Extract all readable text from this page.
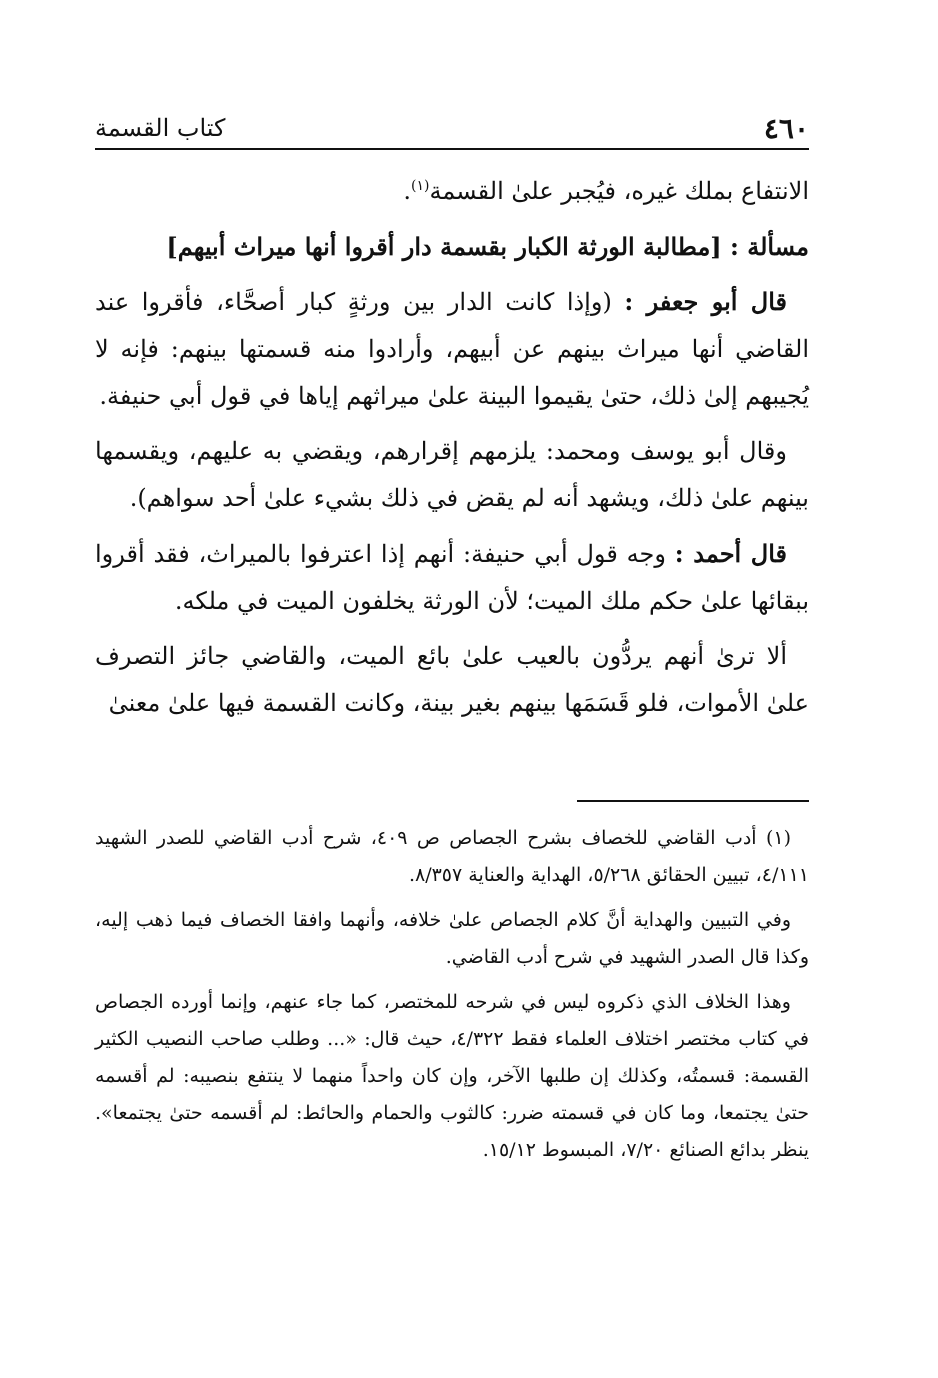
٤٦٠
كتاب القسمة

الانتفاع بملك غيره، فيُجبر علىٰ القسمة$^{(١)}$.

مسألة : [مطالبة الورثة الكبار بقسمة دار أقروا أنها ميراث أبيهم]

قال أبو جعفر : (وإذا كانت الدار بين ورثةٍ كبار أصحَّاء، فأقروا عند القاضي أنها ميراث بينهم عن أبيهم، وأرادوا منه قسمتها بينهم: فإنه لا يُجيبهم إلىٰ ذلك، حتىٰ يقيموا البينة علىٰ ميراثهم إياها في قول أبي حنيفة.

وقال أبو يوسف ومحمد: يلزمهم إقرارهم، ويقضي به عليهم، ويقسمها بينهم علىٰ ذلك، ويشهد أنه لم يقض في ذلك بشيء علىٰ أحد سواهم).

قال أحمد : وجه قول أبي حنيفة: أنهم إذا اعترفوا بالميراث، فقد أقروا ببقائها علىٰ حكم ملك الميت؛ لأن الورثة يخلفون الميت في ملكه.

ألا ترىٰ أنهم يردُّون بالعيب علىٰ بائع الميت، والقاضي جائز التصرف علىٰ الأموات، فلو قَسَمَها بينهم بغير بينة، وكانت القسمة فيها علىٰ معنىٰ

(١) أدب القاضي للخصاف بشرح الجصاص ص ٤٠٩، شرح أدب القاضي للصدر الشهيد ٤/١١١، تبيين الحقائق ٥/٢٦٨، الهداية والعناية ٨/٣٥٧.

وفي التبيين والهداية أنَّ كلام الجصاص علىٰ خلافه، وأنهما وافقا الخصاف فيما ذهب إليه، وكذا قال الصدر الشهيد في شرح أدب القاضي.

وهذا الخلاف الذي ذكروه ليس في شرحه للمختصر، كما جاء عنهم، وإنما أورده الجصاص في كتاب مختصر اختلاف العلماء فقط ٤/٣٢٢، حيث قال: «... وطلب صاحب النصيب الكثير القسمة: قسمتُه، وكذلك إن طلبها الآخر، وإن كان واحداً منهما لا ينتفع بنصيبه: لم أقسمه حتىٰ يجتمعا، وما كان في قسمته ضرر: كالثوب والحمام والحائط: لم أقسمه حتىٰ يجتمعا». ينظر بدائع الصنائع ٧/٢٠، المبسوط ١٥/١٢.
